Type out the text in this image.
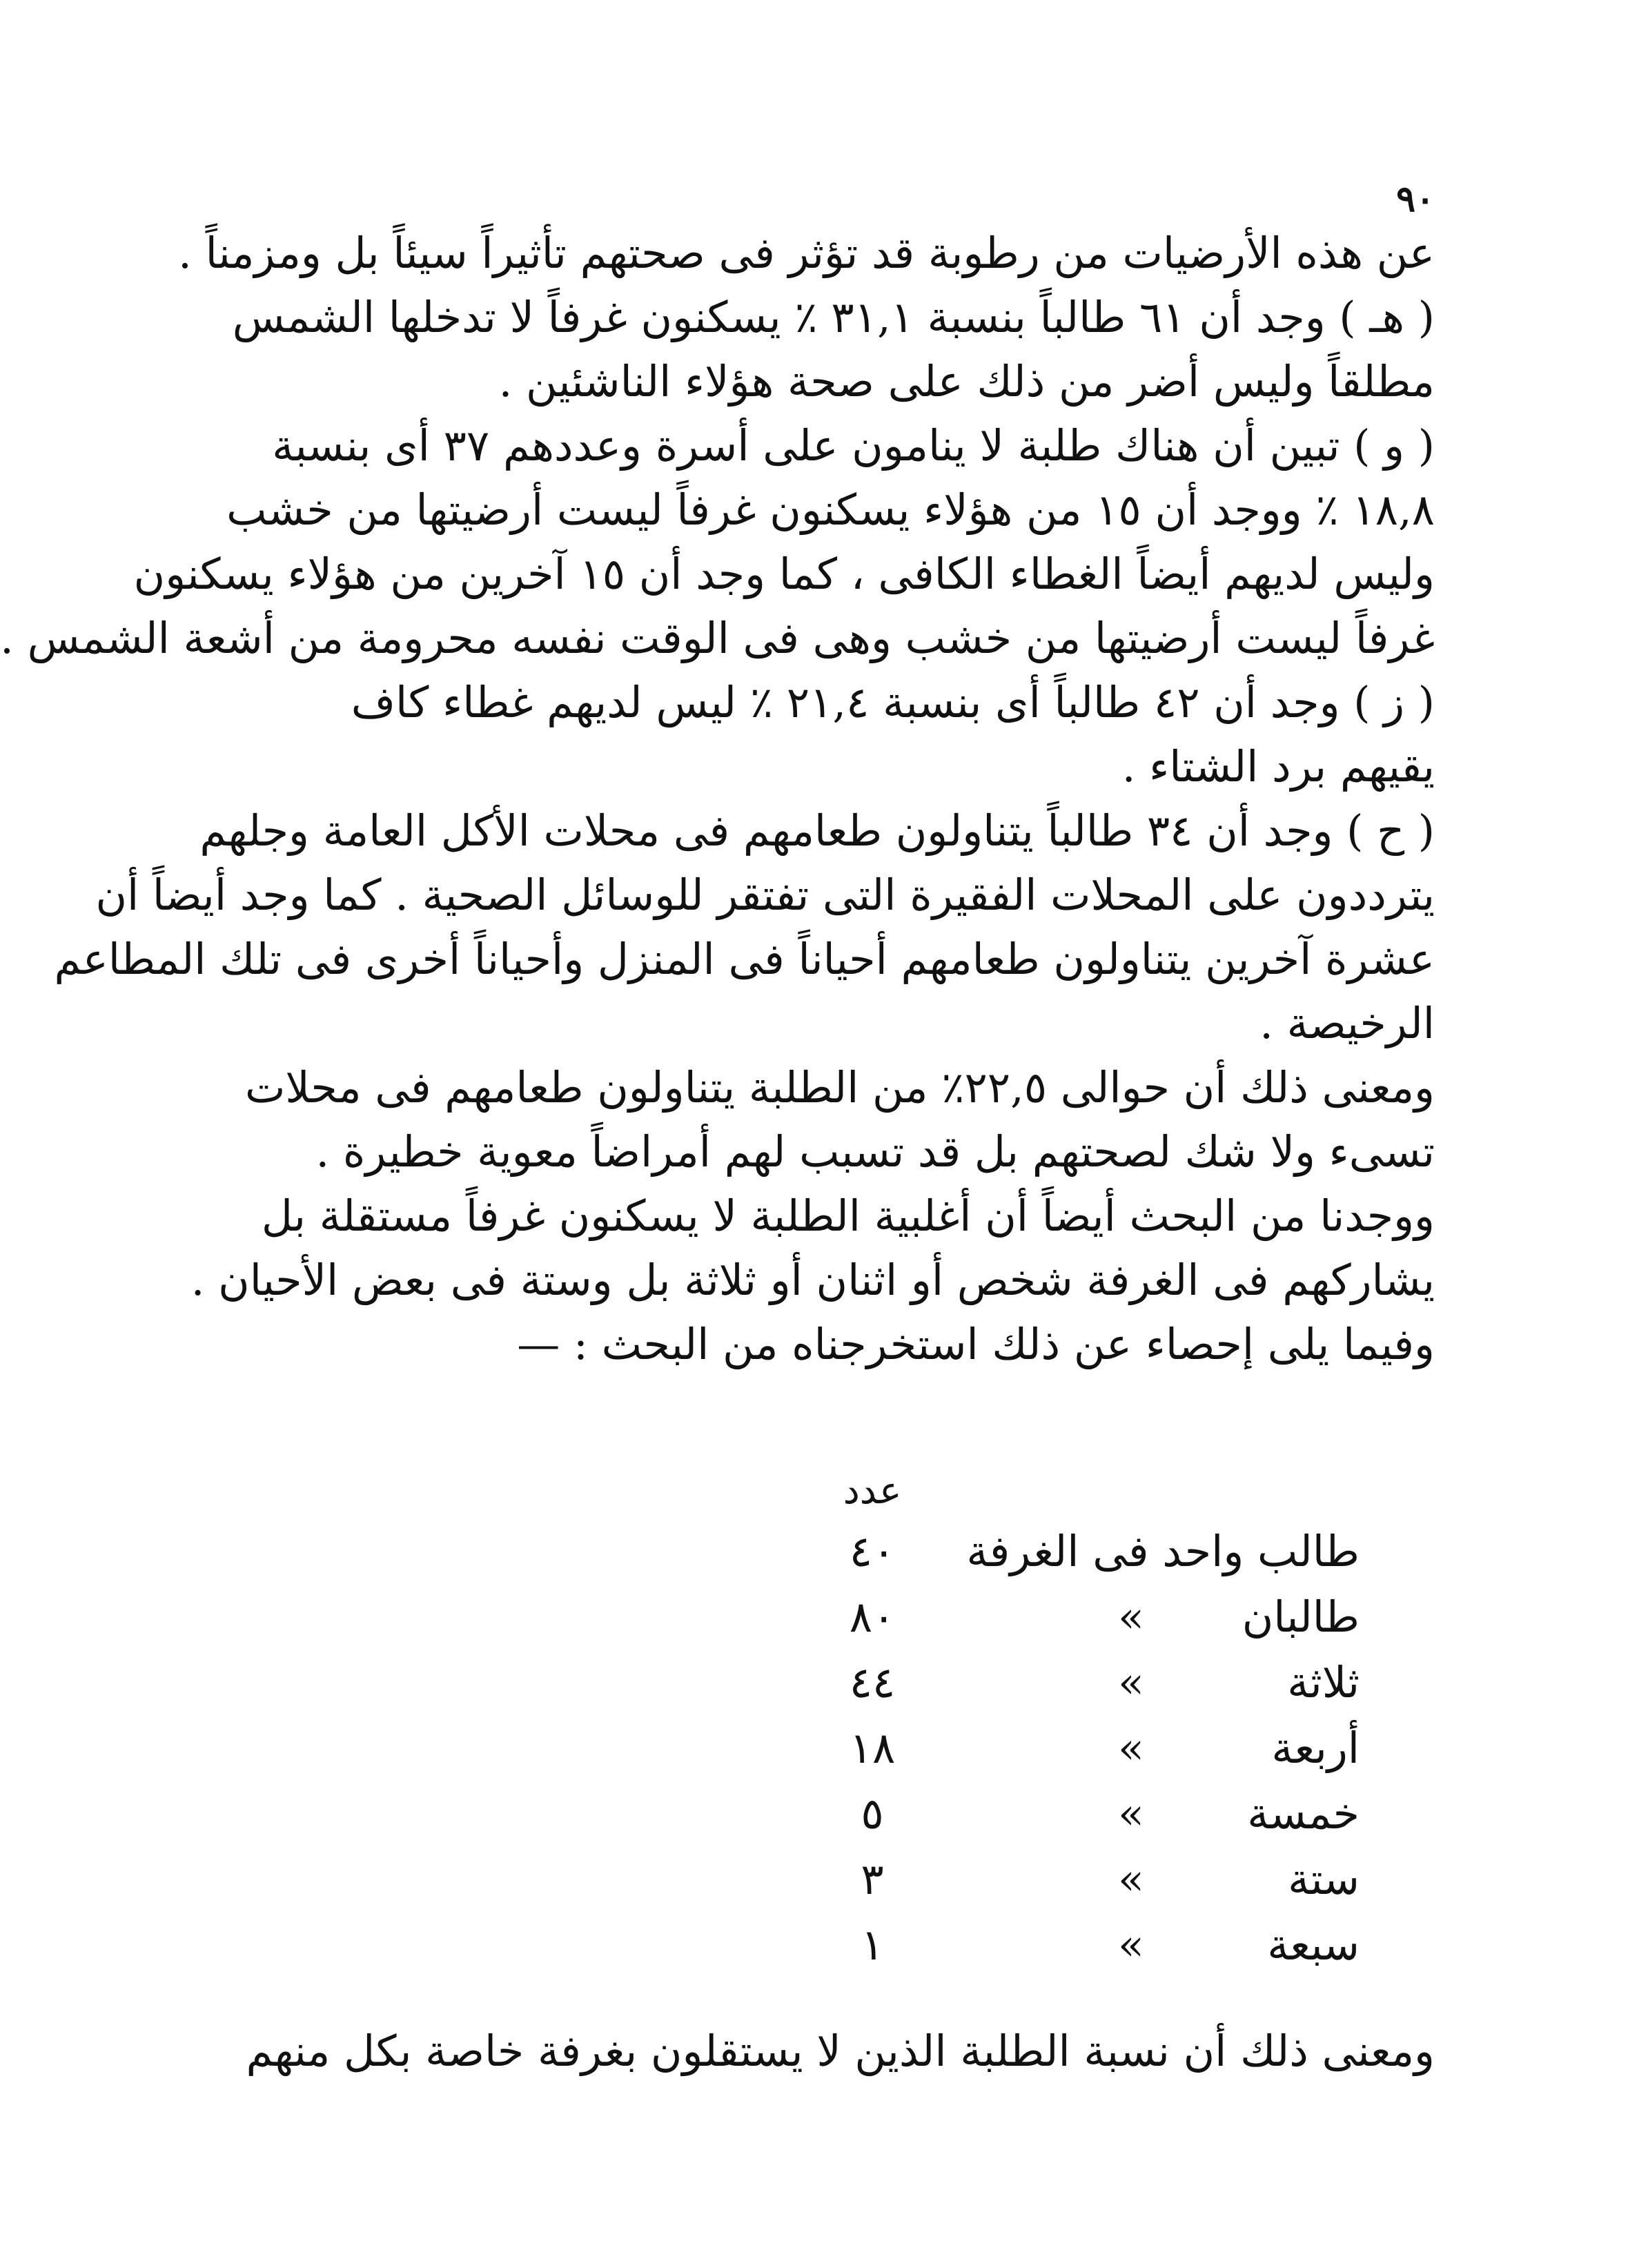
٩٠
عن هذه الأرضيات من رطوبة قد تؤثر فى صحتهم تأثيراً سيئاً بل ومزمناً .
( هـ ) وجد أن ٦١ طالباً بنسبة ٣١,١ ٪ يسكنون غرفاً لا تدخلها الشمس
مطلقاً وليس أضر من ذلك على صحة هؤلاء الناشئين .
( و ) تبين أن هناك طلبة لا ينامون على أسرة وعددهم ٣٧ أى بنسبة
١٨,٨ ٪ ووجد أن ١٥ من هؤلاء يسكنون غرفاً ليست أرضيتها من خشب
وليس لديهم أيضاً الغطاء الكافى ، كما وجد أن ١٥ آخرين من هؤلاء يسكنون
غرفاً ليست أرضيتها من خشب وهى فى الوقت نفسه محرومة من أشعة الشمس .
( ز ) وجد أن ٤٢ طالباً أى بنسبة ٢١,٤ ٪ ليس لديهم غطاء كاف
يقيهم برد الشتاء .
( ح ) وجد أن ٣٤ طالباً يتناولون طعامهم فى محلات الأكل العامة وجلهم
يترددون على المحلات الفقيرة التى تفتقر للوسائل الصحية . كما وجد أيضاً أن
عشرة آخرين يتناولون طعامهم أحياناً فى المنزل وأحياناً أخرى فى تلك المطاعم
الرخيصة .
ومعنى ذلك أن حوالى ٢٢,٥٪ من الطلبة يتناولون طعامهم فى محلات
تسىء ولا شك لصحتهم بل قد تسبب لهم أمراضاً معوية خطيرة .
ووجدنا من البحث أيضاً أن أغلبية الطلبة لا يسكنون غرفاً مستقلة بل
يشاركهم فى الغرفة شخص أو اثنان أو ثلاثة بل وستة فى بعض الأحيان .
وفيما يلى إحصاء عن ذلك استخرجناه من البحث : —
عدد
طالب واحد فى الغرفة
٤٠
طالبان
»
٨٠
ثلاثة
»
٤٤
أربعة
»
١٨
خمسة
»
٥
ستة
»
٣
سبعة
»
١
ومعنى ذلك أن نسبة الطلبة الذين لا يستقلون بغرفة خاصة بكل منهم
